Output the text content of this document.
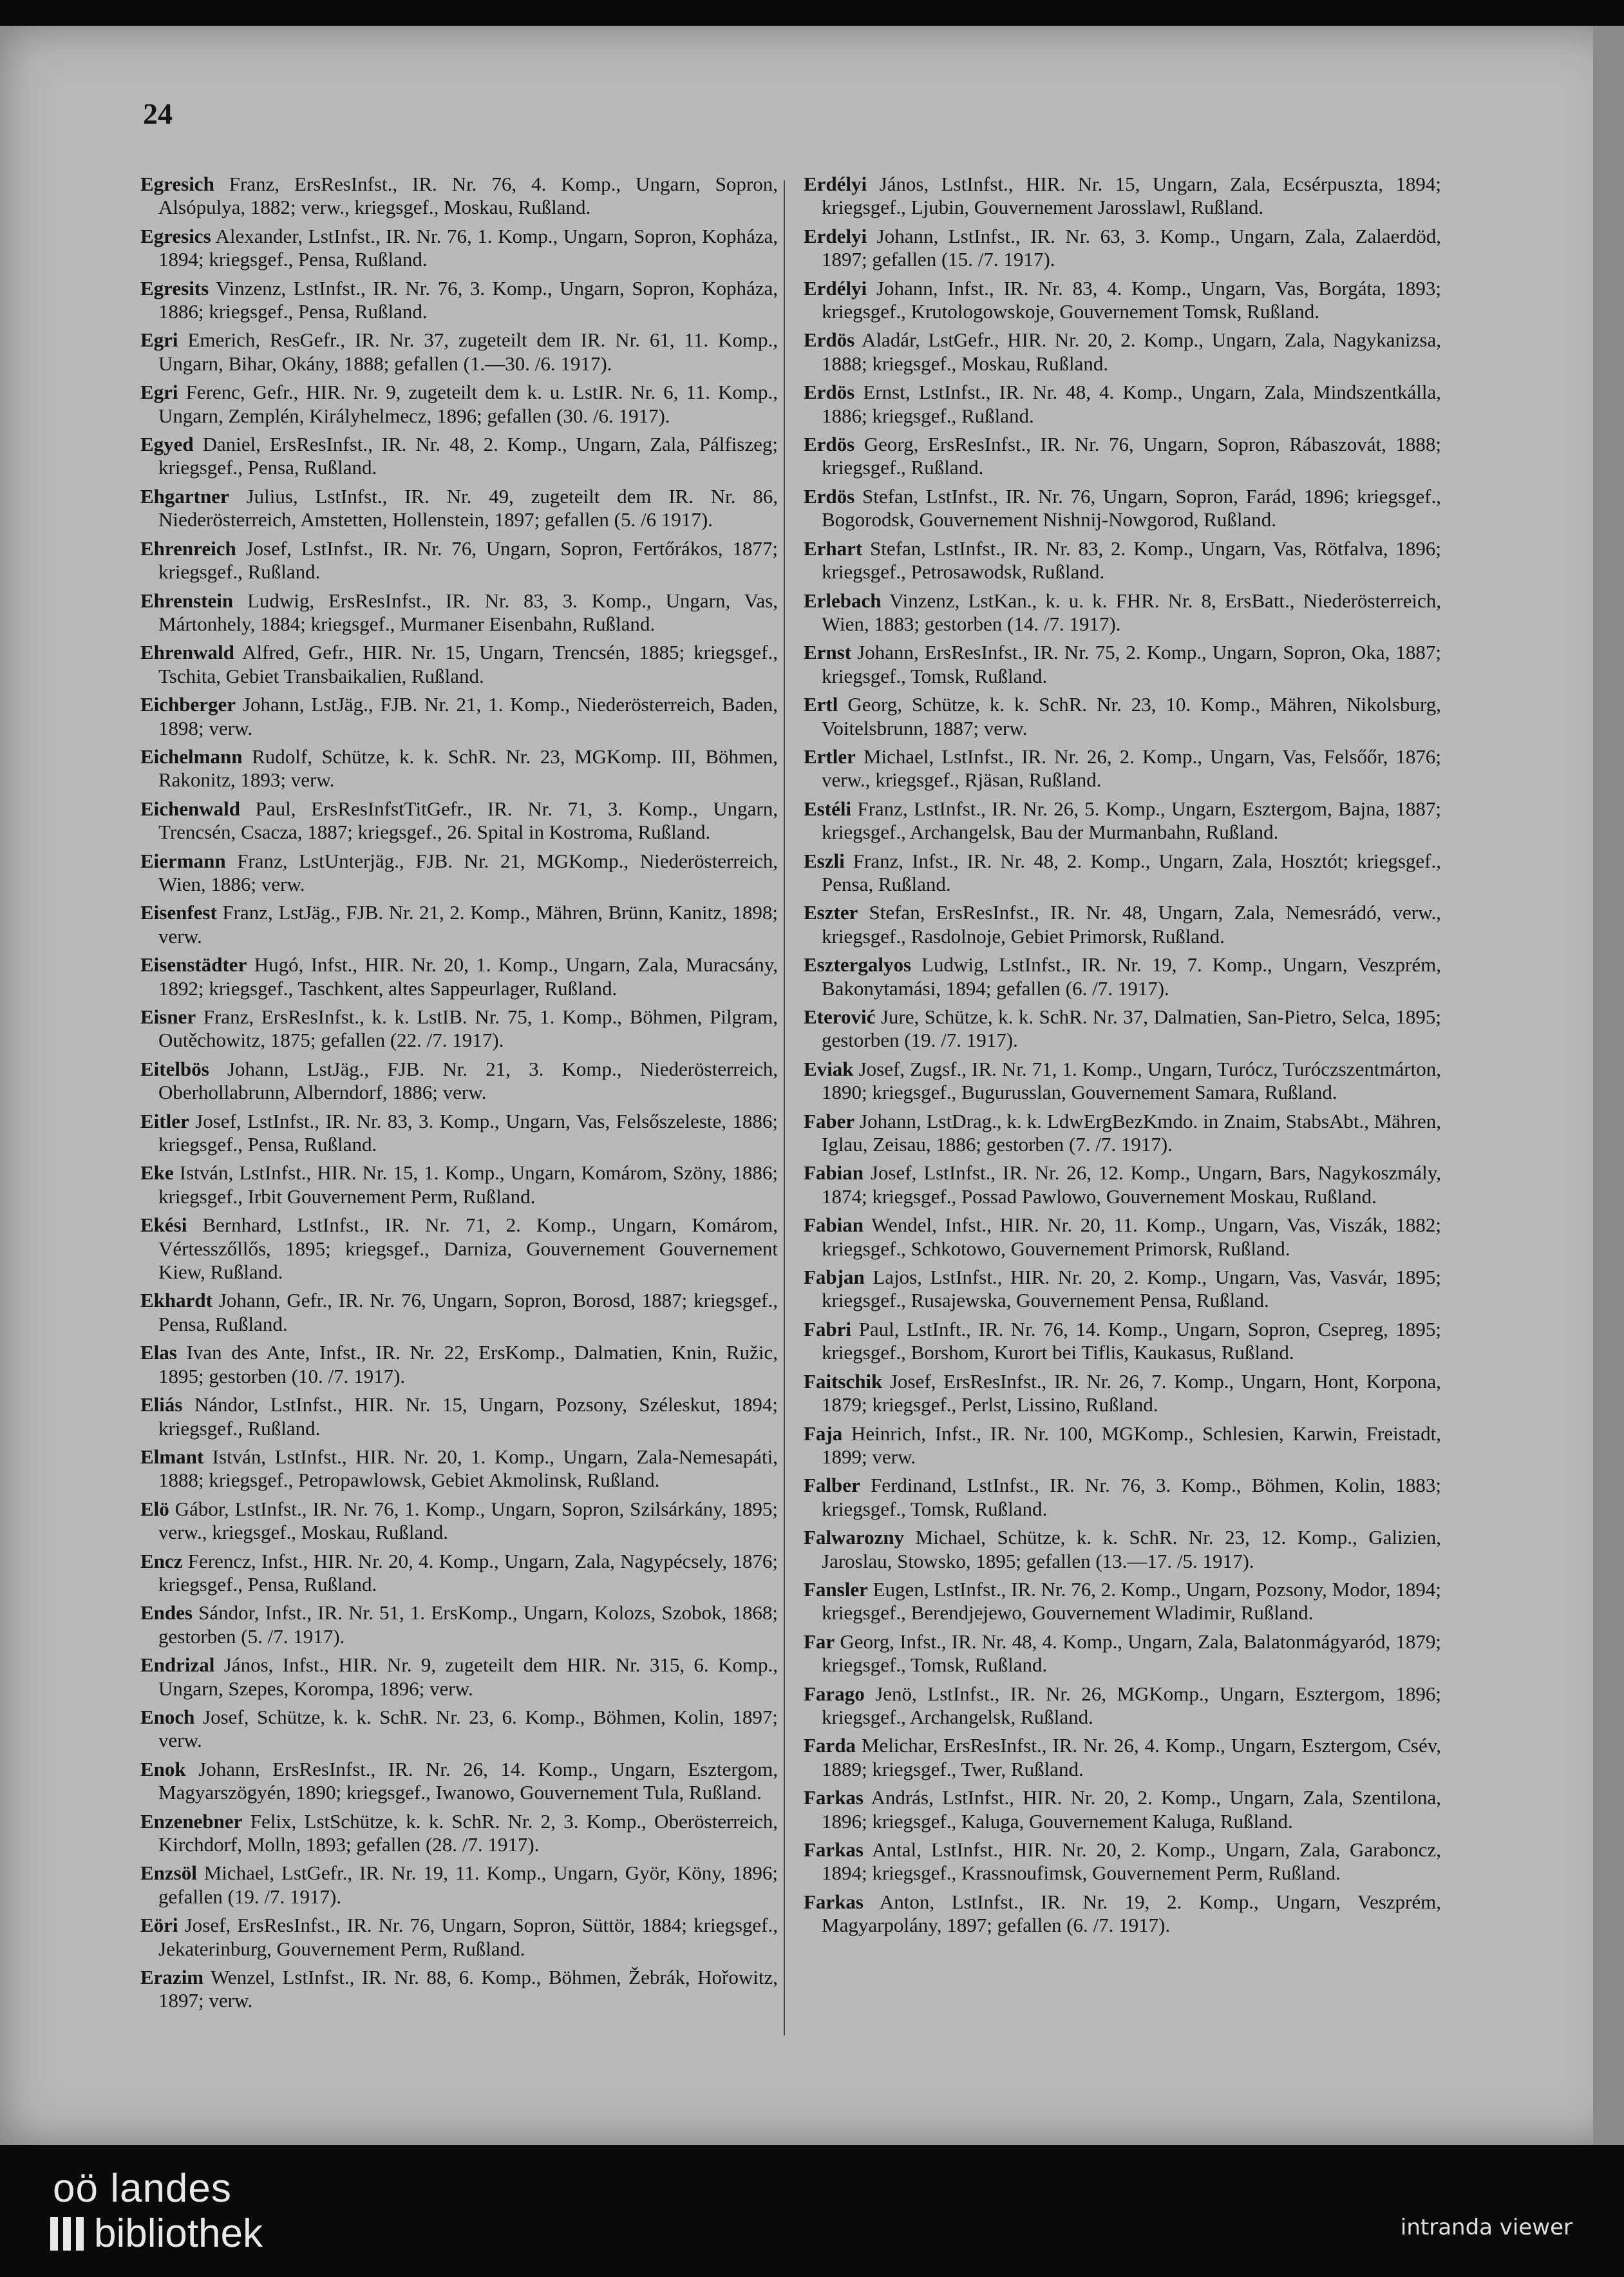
24

Egresich Franz, ErsResInfst., IR. Nr. 76, 4. Komp., Ungarn, Sopron, Alsópulya, 1882; verw., kriegsgef., Moskau, Rußland.

Egresics Alexander, LstInfst., IR. Nr. 76, 1. Komp., Ungarn, Sopron, Kopháza, 1894; kriegsgef., Pensa, Rußland.

Egresits Vinzenz, LstInfst., IR. Nr. 76, 3. Komp., Ungarn, Sopron, Kopháza, 1886; kriegsgef., Pensa, Rußland.

Egri Emerich, ResGefr., IR. Nr. 37, zugeteilt dem IR. Nr. 61, 11. Komp., Ungarn, Bihar, Okány, 1888; gefallen (1.—30. /6. 1917).

Egri Ferenc, Gefr., HIR. Nr. 9, zugeteilt dem k. u. LstIR. Nr. 6, 11. Komp., Ungarn, Zemplén, Királyhelmecz, 1896; gefallen (30. /6. 1917).

Egyed Daniel, ErsResInfst., IR. Nr. 48, 2. Komp., Ungarn, Zala, Pálfiszeg; kriegsgef., Pensa, Rußland.

Ehgartner Julius, LstInfst., IR. Nr. 49, zugeteilt dem IR. Nr. 86, Niederösterreich, Amstetten, Hollenstein, 1897; gefallen (5. /6 1917).

Ehrenreich Josef, LstInfst., IR. Nr. 76, Ungarn, Sopron, Fertőrákos, 1877; kriegsgef., Rußland.

Ehrenstein Ludwig, ErsResInfst., IR. Nr. 83, 3. Komp., Ungarn, Vas, Mártonhely, 1884; kriegsgef., Murmaner Eisenbahn, Rußland.

Ehrenwald Alfred, Gefr., HIR. Nr. 15, Ungarn, Trencsén, 1885; kriegsgef., Tschita, Gebiet Transbaikalien, Rußland.

Eichberger Johann, LstJäg., FJB. Nr. 21, 1. Komp., Niederösterreich, Baden, 1898; verw.

Eichelmann Rudolf, Schütze, k. k. SchR. Nr. 23, MGKomp. III, Böhmen, Rakonitz, 1893; verw.

Eichenwald Paul, ErsResInfstTitGefr., IR. Nr. 71, 3. Komp., Ungarn, Trencsén, Csacza, 1887; kriegsgef., 26. Spital in Kostroma, Rußland.

Eiermann Franz, LstUnterjäg., FJB. Nr. 21, MGKomp., Niederösterreich, Wien, 1886; verw.

Eisenfest Franz, LstJäg., FJB. Nr. 21, 2. Komp., Mähren, Brünn, Kanitz, 1898; verw.

Eisenstädter Hugó, Infst., HIR. Nr. 20, 1. Komp., Ungarn, Zala, Muracsány, 1892; kriegsgef., Taschkent, altes Sappeurlager, Rußland.

Eisner Franz, ErsResInfst., k. k. LstIB. Nr. 75, 1. Komp., Böhmen, Pilgram, Outěchowitz, 1875; gefallen (22. /7. 1917).

Eitelbös Johann, LstJäg., FJB. Nr. 21, 3. Komp., Niederösterreich, Oberhollabrunn, Alberndorf, 1886; verw.

Eitler Josef, LstInfst., IR. Nr. 83, 3. Komp., Ungarn, Vas, Felsőszeleste, 1886; kriegsgef., Pensa, Rußland.

Eke István, LstInfst., HIR. Nr. 15, 1. Komp., Ungarn, Komárom, Szöny, 1886; kriegsgef., Irbit Gouvernement Perm, Rußland.

Ekési Bernhard, LstInfst., IR. Nr. 71, 2. Komp., Ungarn, Komárom, Vértesszőllős, 1895; kriegsgef., Darniza, Gouvernement Gouvernement Kiew, Rußland.

Ekhardt Johann, Gefr., IR. Nr. 76, Ungarn, Sopron, Borosd, 1887; kriegsgef., Pensa, Rußland.

Elas Ivan des Ante, Infst., IR. Nr. 22, ErsKomp., Dalmatien, Knin, Ružic, 1895; gestorben (10. /7. 1917).

Eliás Nándor, LstInfst., HIR. Nr. 15, Ungarn, Pozsony, Széleskut, 1894; kriegsgef., Rußland.

Elmant István, LstInfst., HIR. Nr. 20, 1. Komp., Ungarn, Zala-Nemesapáti, 1888; kriegsgef., Petropawlowsk, Gebiet Akmolinsk, Rußland.

Elö Gábor, LstInfst., IR. Nr. 76, 1. Komp., Ungarn, Sopron, Szilsárkány, 1895; verw., kriegsgef., Moskau, Rußland.

Encz Ferencz, Infst., HIR. Nr. 20, 4. Komp., Ungarn, Zala, Nagypécsely, 1876; kriegsgef., Pensa, Rußland.

Endes Sándor, Infst., IR. Nr. 51, 1. ErsKomp., Ungarn, Kolozs, Szobok, 1868; gestorben (5. /7. 1917).

Endrizal János, Infst., HIR. Nr. 9, zugeteilt dem HIR. Nr. 315, 6. Komp., Ungarn, Szepes, Korompa, 1896; verw.

Enoch Josef, Schütze, k. k. SchR. Nr. 23, 6. Komp., Böhmen, Kolin, 1897; verw.

Enok Johann, ErsResInfst., IR. Nr. 26, 14. Komp., Ungarn, Esztergom, Magyarszögyén, 1890; kriegsgef., Iwanowo, Gouvernement Tula, Rußland.

Enzenebner Felix, LstSchütze, k. k. SchR. Nr. 2, 3. Komp., Oberösterreich, Kirchdorf, Molln, 1893; gefallen (28. /7. 1917).

Enzsöl Michael, LstGefr., IR. Nr. 19, 11. Komp., Ungarn, Györ, Köny, 1896; gefallen (19. /7. 1917).

Eöri Josef, ErsResInfst., IR. Nr. 76, Ungarn, Sopron, Süttör, 1884; kriegsgef., Jekaterinburg, Gouvernement Perm, Rußland.

Erazim Wenzel, LstInfst., IR. Nr. 88, 6. Komp., Böhmen, Žebrák, Hořowitz, 1897; verw.

Erdélyi János, LstInfst., HIR. Nr. 15, Ungarn, Zala, Ecsérpuszta, 1894; kriegsgef., Ljubin, Gouvernement Jarosslawl, Rußland.

Erdelyi Johann, LstInfst., IR. Nr. 63, 3. Komp., Ungarn, Zala, Zalaerdöd, 1897; gefallen (15. /7. 1917).

Erdélyi Johann, Infst., IR. Nr. 83, 4. Komp., Ungarn, Vas, Borgáta, 1893; kriegsgef., Krutologowskoje, Gouvernement Tomsk, Rußland.

Erdös Aladár, LstGefr., HIR. Nr. 20, 2. Komp., Ungarn, Zala, Nagykanizsa, 1888; kriegsgef., Moskau, Rußland.

Erdös Ernst, LstInfst., IR. Nr. 48, 4. Komp., Ungarn, Zala, Mindszentkálla, 1886; kriegsgef., Rußland.

Erdös Georg, ErsResInfst., IR. Nr. 76, Ungarn, Sopron, Rábaszovát, 1888; kriegsgef., Rußland.

Erdös Stefan, LstInfst., IR. Nr. 76, Ungarn, Sopron, Farád, 1896; kriegsgef., Bogorodsk, Gouvernement Nishnij-Nowgorod, Rußland.

Erhart Stefan, LstInfst., IR. Nr. 83, 2. Komp., Ungarn, Vas, Rötfalva, 1896; kriegsgef., Petrosawodsk, Rußland.

Erlebach Vinzenz, LstKan., k. u. k. FHR. Nr. 8, ErsBatt., Niederösterreich, Wien, 1883; gestorben (14. /7. 1917).

Ernst Johann, ErsResInfst., IR. Nr. 75, 2. Komp., Ungarn, Sopron, Oka, 1887; kriegsgef., Tomsk, Rußland.

Ertl Georg, Schütze, k. k. SchR. Nr. 23, 10. Komp., Mähren, Nikolsburg, Voitelsbrunn, 1887; verw.

Ertler Michael, LstInfst., IR. Nr. 26, 2. Komp., Ungarn, Vas, Felsőőr, 1876; verw., kriegsgef., Rjäsan, Rußland.

Estéli Franz, LstInfst., IR. Nr. 26, 5. Komp., Ungarn, Esztergom, Bajna, 1887; kriegsgef., Archangelsk, Bau der Murmanbahn, Rußland.

Eszli Franz, Infst., IR. Nr. 48, 2. Komp., Ungarn, Zala, Hosztót; kriegsgef., Pensa, Rußland.

Eszter Stefan, ErsResInfst., IR. Nr. 48, Ungarn, Zala, Nemesrádó, verw., kriegsgef., Rasdolnoje, Gebiet Primorsk, Rußland.

Esztergalyos Ludwig, LstInfst., IR. Nr. 19, 7. Komp., Ungarn, Veszprém, Bakonytamási, 1894; gefallen (6. /7. 1917).

Eterović Jure, Schütze, k. k. SchR. Nr. 37, Dalmatien, San-Pietro, Selca, 1895; gestorben (19. /7. 1917).

Eviak Josef, Zugsf., IR. Nr. 71, 1. Komp., Ungarn, Turócz, Turóczszentmárton, 1890; kriegsgef., Bugurusslan, Gouvernement Samara, Rußland.

Faber Johann, LstDrag., k. k. LdwErgBezKmdo. in Znaim, StabsAbt., Mähren, Iglau, Zeisau, 1886; gestorben (7. /7. 1917).

Fabian Josef, LstInfst., IR. Nr. 26, 12. Komp., Ungarn, Bars, Nagykoszmály, 1874; kriegsgef., Possad Pawlowo, Gouvernement Moskau, Rußland.

Fabian Wendel, Infst., HIR. Nr. 20, 11. Komp., Ungarn, Vas, Viszák, 1882; kriegsgef., Schkotowo, Gouvernement Primorsk, Rußland.

Fabjan Lajos, LstInfst., HIR. Nr. 20, 2. Komp., Ungarn, Vas, Vasvár, 1895; kriegsgef., Rusajewska, Gouvernement Pensa, Rußland.

Fabri Paul, LstInft., IR. Nr. 76, 14. Komp., Ungarn, Sopron, Csepreg, 1895; kriegsgef., Borshom, Kurort bei Tiflis, Kaukasus, Rußland.

Faitschik Josef, ErsResInfst., IR. Nr. 26, 7. Komp., Ungarn, Hont, Korpona, 1879; kriegsgef., Perlst, Lissino, Rußland.

Faja Heinrich, Infst., IR. Nr. 100, MGKomp., Schlesien, Karwin, Freistadt, 1899; verw.

Falber Ferdinand, LstInfst., IR. Nr. 76, 3. Komp., Böhmen, Kolin, 1883; kriegsgef., Tomsk, Rußland.

Falwarozny Michael, Schütze, k. k. SchR. Nr. 23, 12. Komp., Galizien, Jaroslau, Stowsko, 1895; gefallen (13.—17. /5. 1917).

Fansler Eugen, LstInfst., IR. Nr. 76, 2. Komp., Ungarn, Pozsony, Modor, 1894; kriegsgef., Berendjejewo, Gouvernement Wladimir, Rußland.

Far Georg, Infst., IR. Nr. 48, 4. Komp., Ungarn, Zala, Balatonmágyaród, 1879; kriegsgef., Tomsk, Rußland.

Farago Jenö, LstInfst., IR. Nr. 26, MGKomp., Ungarn, Esztergom, 1896; kriegsgef., Archangelsk, Rußland.

Farda Melichar, ErsResInfst., IR. Nr. 26, 4. Komp., Ungarn, Esztergom, Csév, 1889; kriegsgef., Twer, Rußland.

Farkas András, LstInfst., HIR. Nr. 20, 2. Komp., Ungarn, Zala, Szentilona, 1896; kriegsgef., Kaluga, Gouvernement Kaluga, Rußland.

Farkas Antal, LstInfst., HIR. Nr. 20, 2. Komp., Ungarn, Zala, Garaboncz, 1894; kriegsgef., Krassnoufimsk, Gouvernement Perm, Rußland.

Farkas Anton, LstInfst., IR. Nr. 19, 2. Komp., Ungarn, Veszprém, Magyarpolány, 1897; gefallen (6. /7. 1917).

oö landes
bibliothek	intranda viewer
